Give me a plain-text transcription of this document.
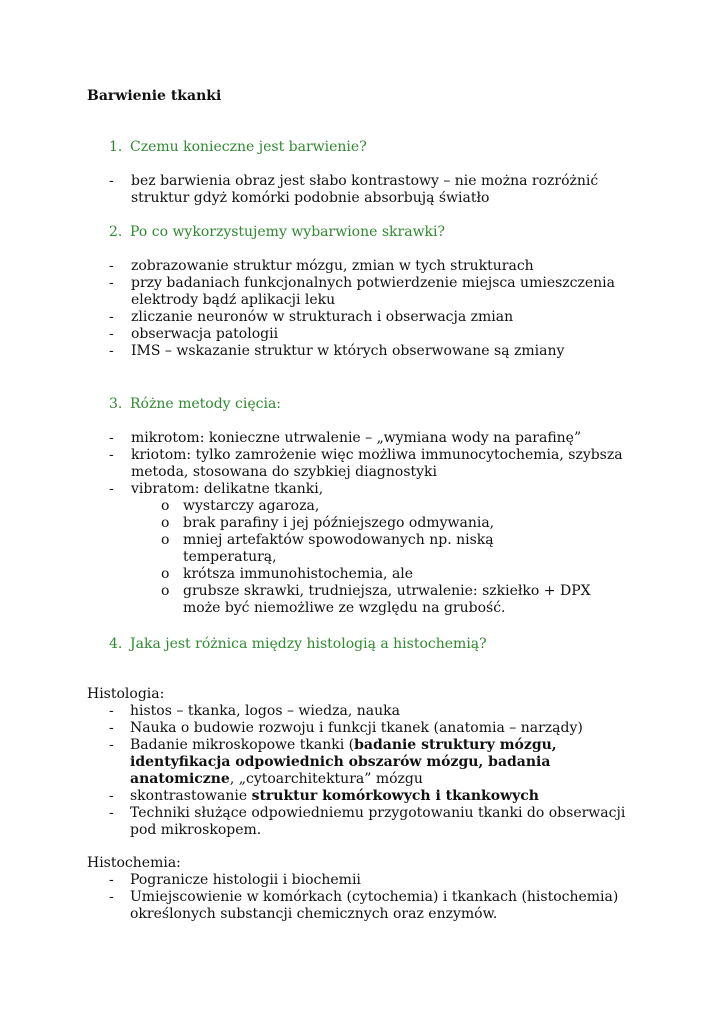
Barwienie tkanki
1. Czemu konieczne jest barwienie?
- bez barwienia obraz jest słabo kontrastowy – nie można rozróżnić struktur gdyż komórki podobnie absorbują światło
2. Po co wykorzystujemy wybarwione skrawki?
- zobrazowanie struktur mózgu, zmian w tych strukturach
- przy badaniach funkcjonalnych potwierdzenie miejsca umieszczenia elektrody bądź aplikacji leku
- zliczanie neuronów w strukturach i obserwacja zmian
- obserwacja patologii
- IMS – wskazanie struktur w których obserwowane są zmiany
3. Różne metody cięcia:
- mikrotom: konieczne utrwalenie – „wymiana wody na parafinę”
- kriotom: tylko zamrożenie więc możliwa immunocytochemia, szybsza metoda, stosowana do szybkiej diagnostyki
- vibratom: delikatne tkanki,
o wystarczy agaroza,
o brak parafiny i jej późniejszego odmywania,
o mniej artefaktów spowodowanych np. niską temperaturą,
o krótsza immunohistochemia, ale
o grubsze skrawki, trudniejsza, utrwalenie: szkiełko + DPX może być niemożliwe ze względu na grubość.
4. Jaka jest różnica między histologią a histochemią?
Histologia:
- histos – tkanka, logos – wiedza, nauka
- Nauka o budowie rozwoju i funkcji tkanek (anatomia – narządy)
- Badanie mikroskopowe tkanki (badanie struktury mózgu, identyfikacja odpowiednich obszarów mózgu, badania anatomiczne, „cytoarchitektura” mózgu
- skontrastowanie struktur komórkowych i tkankowych
- Techniki służące odpowiedniemu przygotowaniu tkanki do obserwacji pod mikroskopem.
Histochemia:
- Pogranicze histologii i biochemii
- Umiejscowienie w komórkach (cytochemia) i tkankach (histochemia) określonych substancji chemicznych oraz enzymów.
